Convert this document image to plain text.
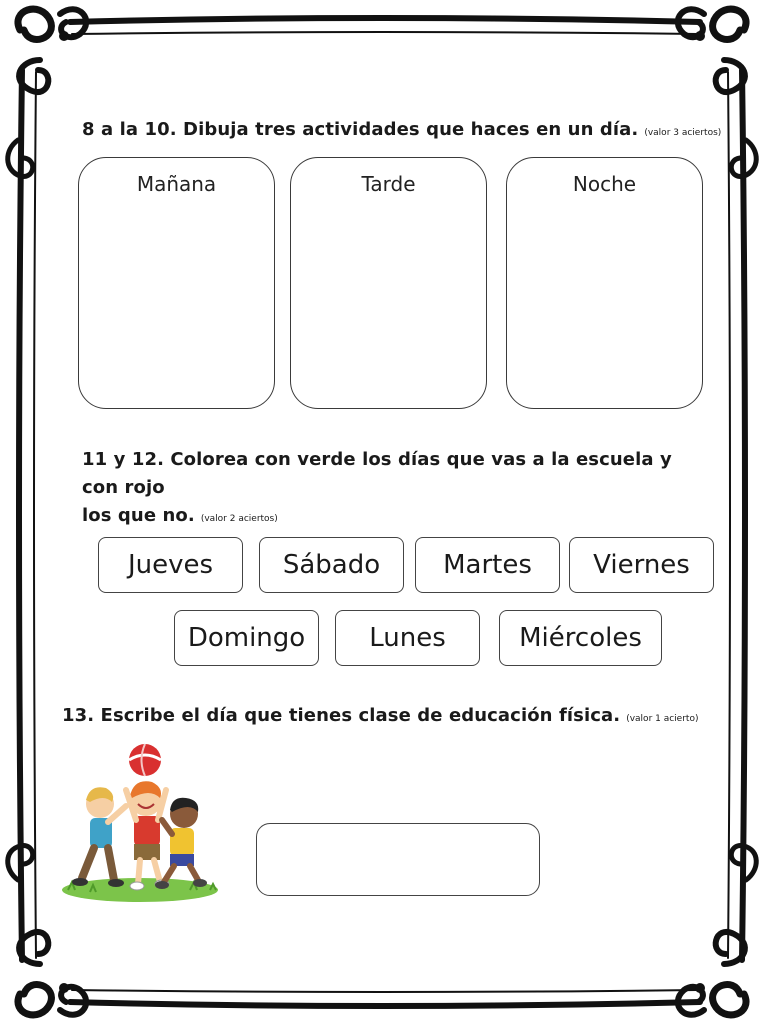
8 a la 10. Dibuja tres actividades que haces en un día. (valor 3 aciertos)
Mañana	Tarde	Noche
11 y 12. Colorea con verde los días que vas a la escuela y con rojo
los que no. (valor 2 aciertos)
Jueves	Sábado	Martes	Viernes
Domingo	Lunes	Miércoles
13. Escribe el día que tienes clase de educación física. (valor 1 acierto)
